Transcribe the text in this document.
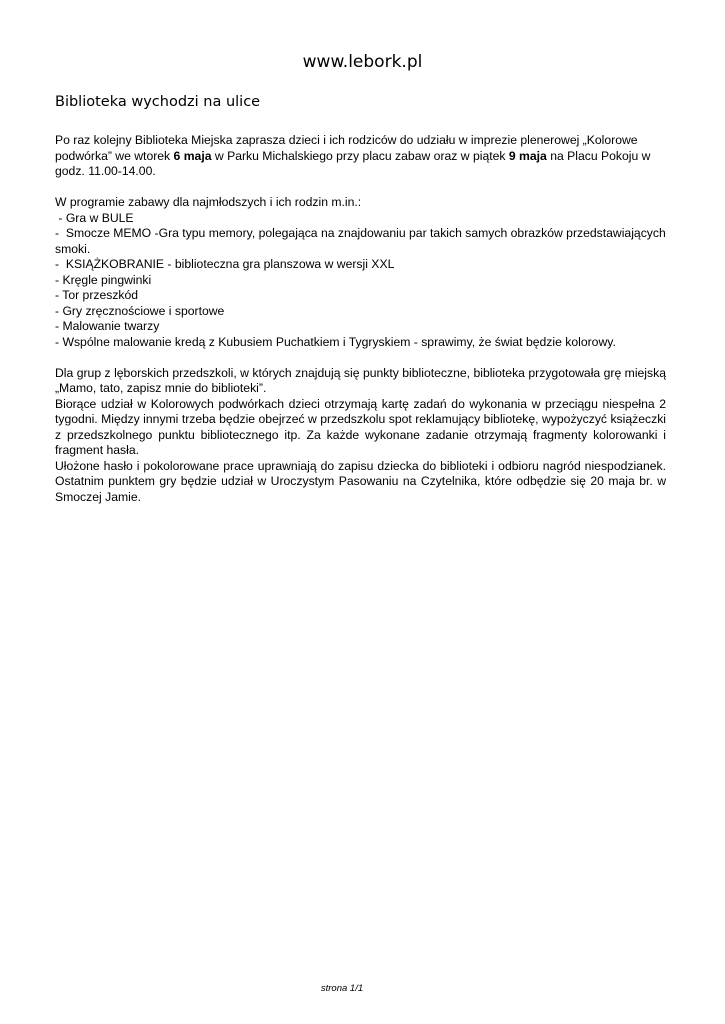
www.lebork.pl
Biblioteka wychodzi na ulice

Po raz kolejny Biblioteka Miejska zaprasza dzieci i ich rodziców do udziału w imprezie plenerowej „Kolorowe podwórka” we wtorek 6 maja w Parku Michalskiego przy placu zabaw oraz w piątek 9 maja na Placu Pokoju w godz. 11.00-14.00.

W programie zabawy dla najmłodszych i ich rodzin m.in.:

- Gra w BULE

-  Smocze MEMO -Gra typu memory, polegająca na znajdowaniu par takich samych obrazków przedstawiających smoki.

-  KSIĄŻKOBRANIE - biblioteczna gra planszowa w wersji XXL

- Kręgle pingwinki

- Tor przeszkód

- Gry zręcznościowe i sportowe

- Malowanie twarzy

- Wspólne malowanie kredą z Kubusiem Puchatkiem i Tygryskiem - sprawimy, że świat będzie kolorowy.

Dla grup z lęborskich przedszkoli, w których znajdują się punkty biblioteczne, biblioteka przygotowała grę miejską „Mamo, tato, zapisz mnie do biblioteki”.

Biorące udział w Kolorowych podwórkach dzieci otrzymają kartę zadań do wykonania w przeciągu niespełna 2 tygodni. Między innymi trzeba będzie obejrzeć w przedszkolu spot reklamujący bibliotekę, wypożyczyć książeczki z przedszkolnego punktu bibliotecznego itp. Za każde wykonane zadanie otrzymają fragmenty kolorowanki i fragment hasła.

Ułożone hasło i pokolorowane prace uprawniają do zapisu dziecka do biblioteki i odbioru nagród niespodzianek. Ostatnim punktem gry będzie udział w Uroczystym Pasowaniu na Czytelnika, które odbędzie się 20 maja br. w Smoczej Jamie.

strona 1/1
